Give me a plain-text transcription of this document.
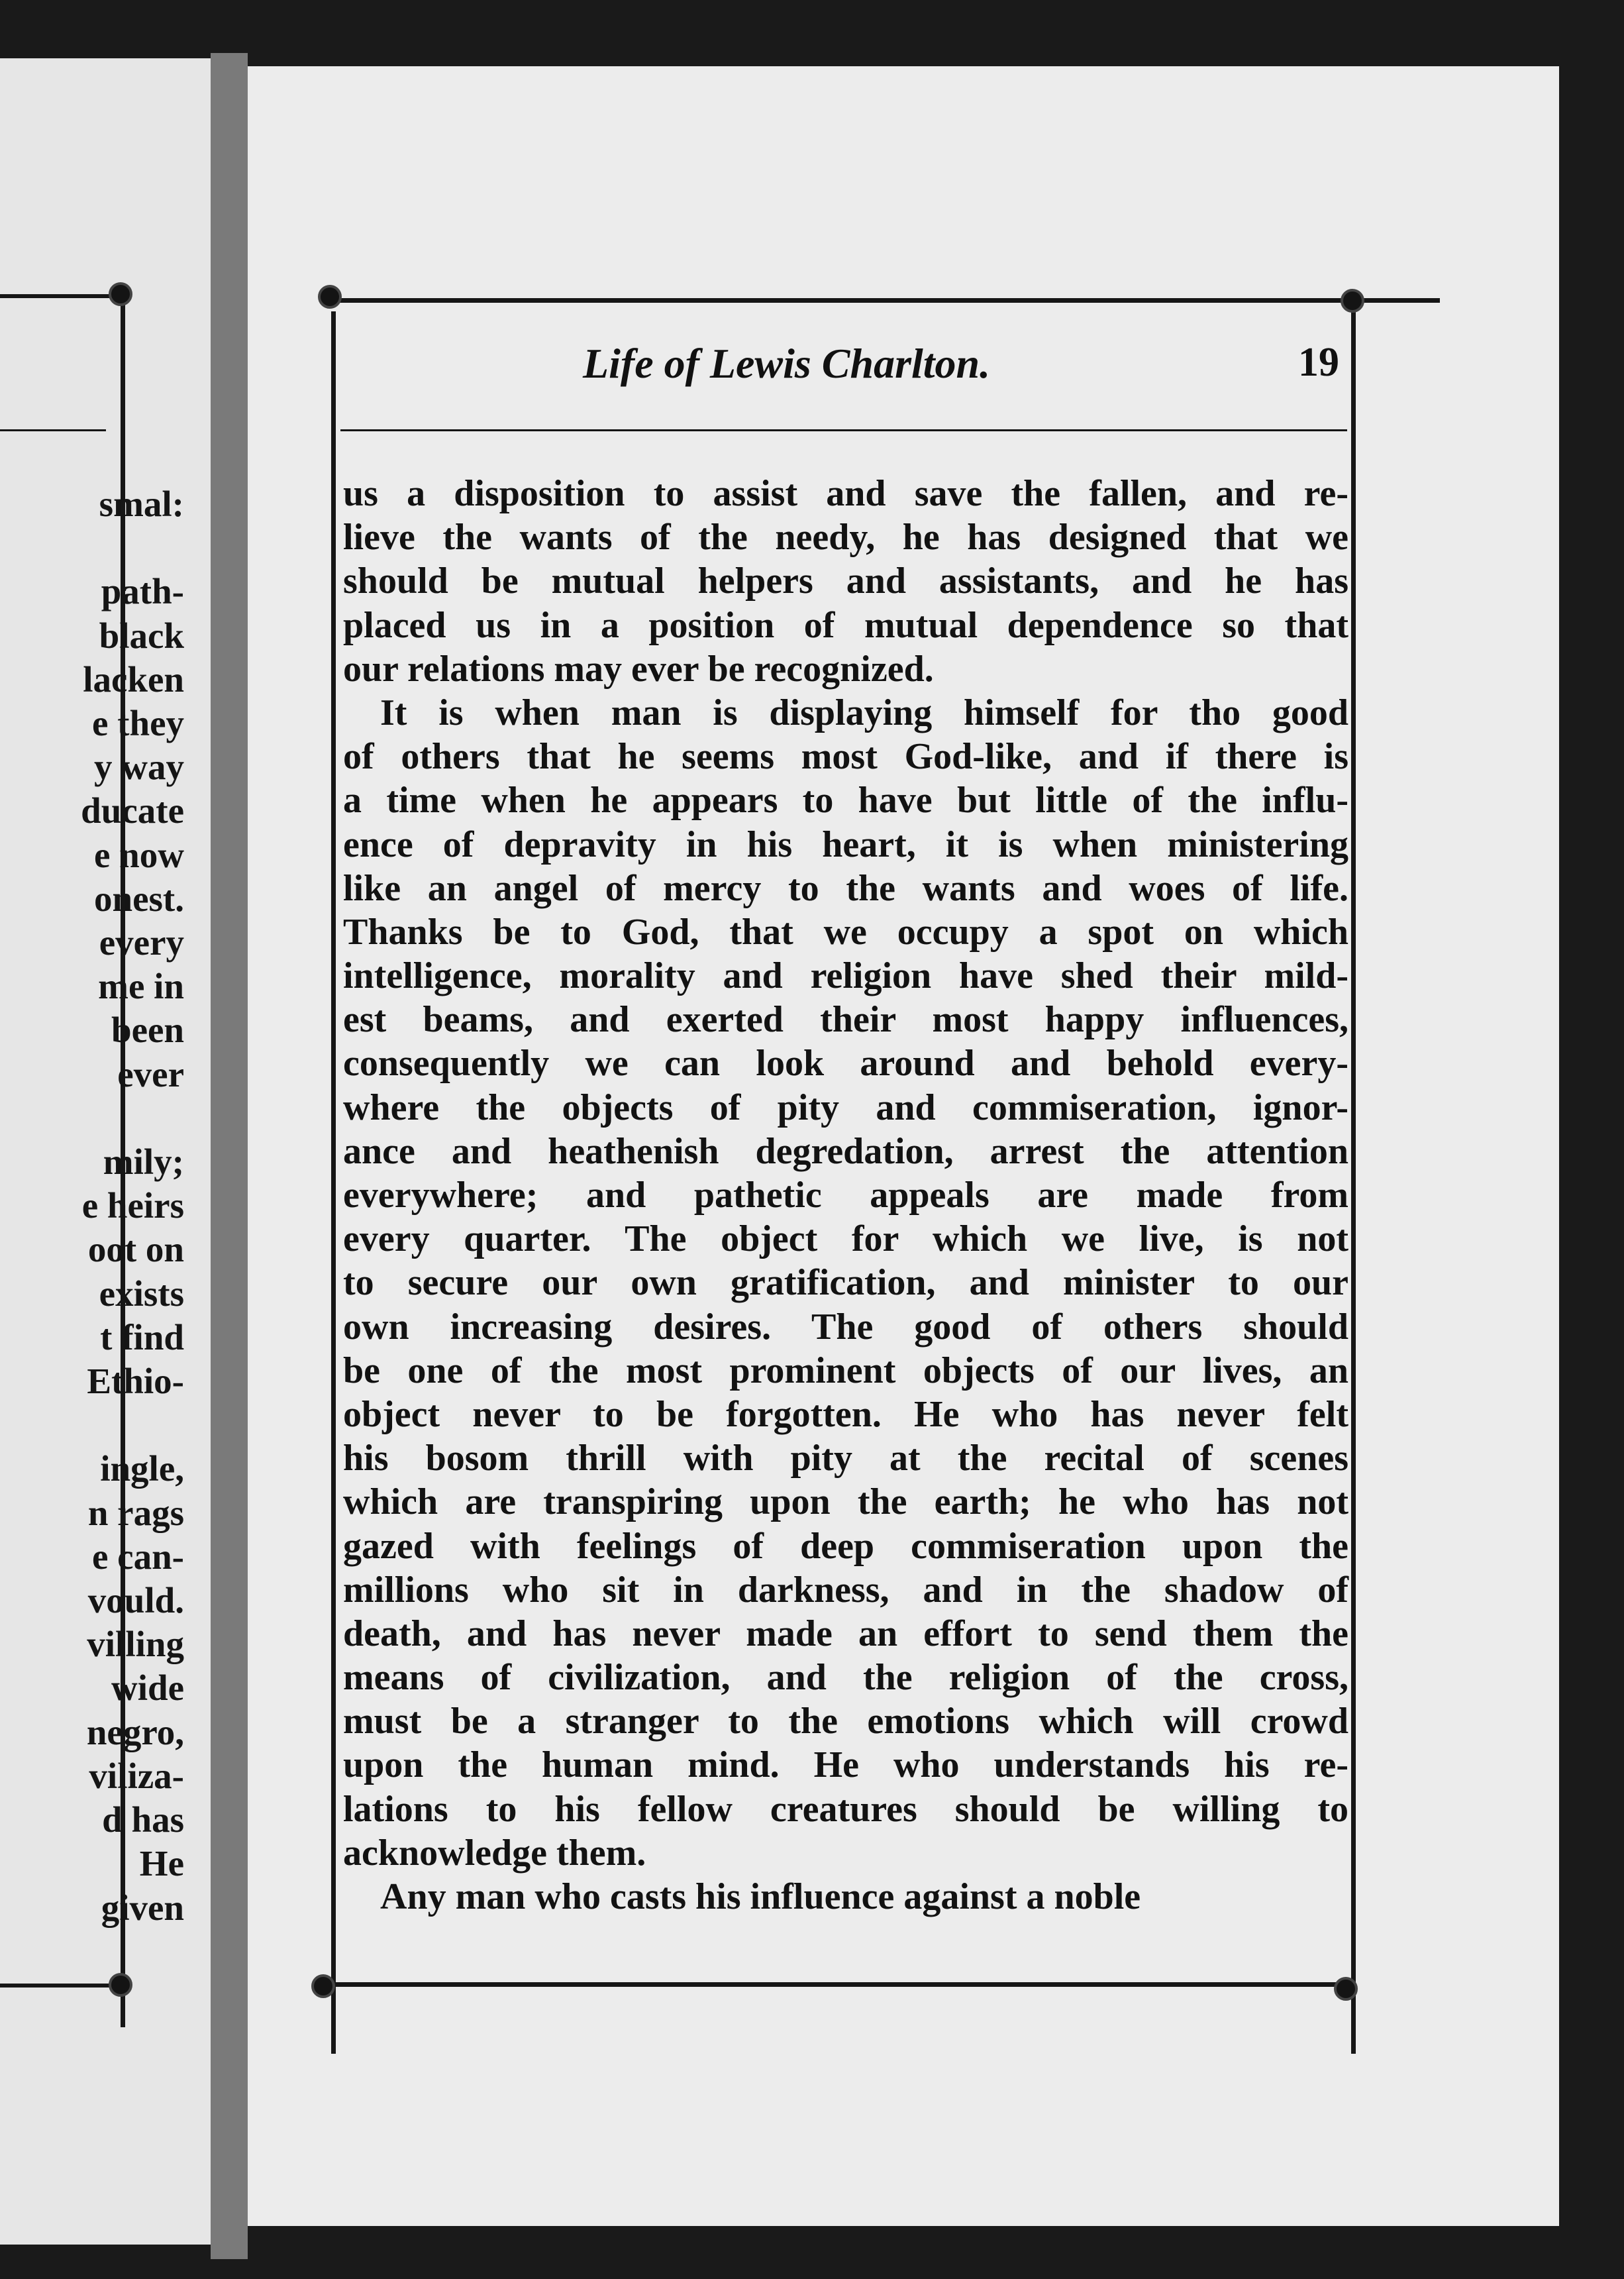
smal:

path-
black
lacken
e they
y way
ducate
e now
onest.
every
me in
been
ever

mily;
e heirs
oot on
exists
t find
Ethio-

ingle,
n rags
e can-
vould.
villing
wide
negro,
viliza-
d has
He
given
Life of Lewis Charlton.	19
us a disposition to assist and save the fallen, and re-
lieve the wants of the needy, he has designed that we
should be mutual helpers and assistants, and he has
placed us in a position of mutual dependence so that
our relations may ever be recognized.
It is when man is displaying himself for tho good
of others that he seems most God-like, and if there is
a time when he appears to have but little of the influ-
ence of depravity in his heart, it is when ministering
like an angel of mercy to the wants and woes of life.
Thanks be to God, that we occupy a spot on which
intelligence, morality and religion have shed their mild-
est beams, and exerted their most happy influences,
consequently we can look around and behold every-
where the objects of pity and commiseration, ignor-
ance and heathenish degredation, arrest the attention
everywhere; and pathetic appeals are made from
every quarter. The object for which we live, is not
to secure our own gratification, and minister to our
own increasing desires. The good of others should
be one of the most prominent objects of our lives, an
object never to be forgotten. He who has never felt
his bosom thrill with pity at the recital of scenes
which are transpiring upon the earth; he who has not
gazed with feelings of deep commiseration upon the
millions who sit in darkness, and in the shadow of
death, and has never made an effort to send them the
means of civilization, and the religion of the cross,
must be a stranger to the emotions which will crowd
upon the human mind. He who understands his re-
lations to his fellow creatures should be willing to
acknowledge them.
Any man who casts his influence against a noble
